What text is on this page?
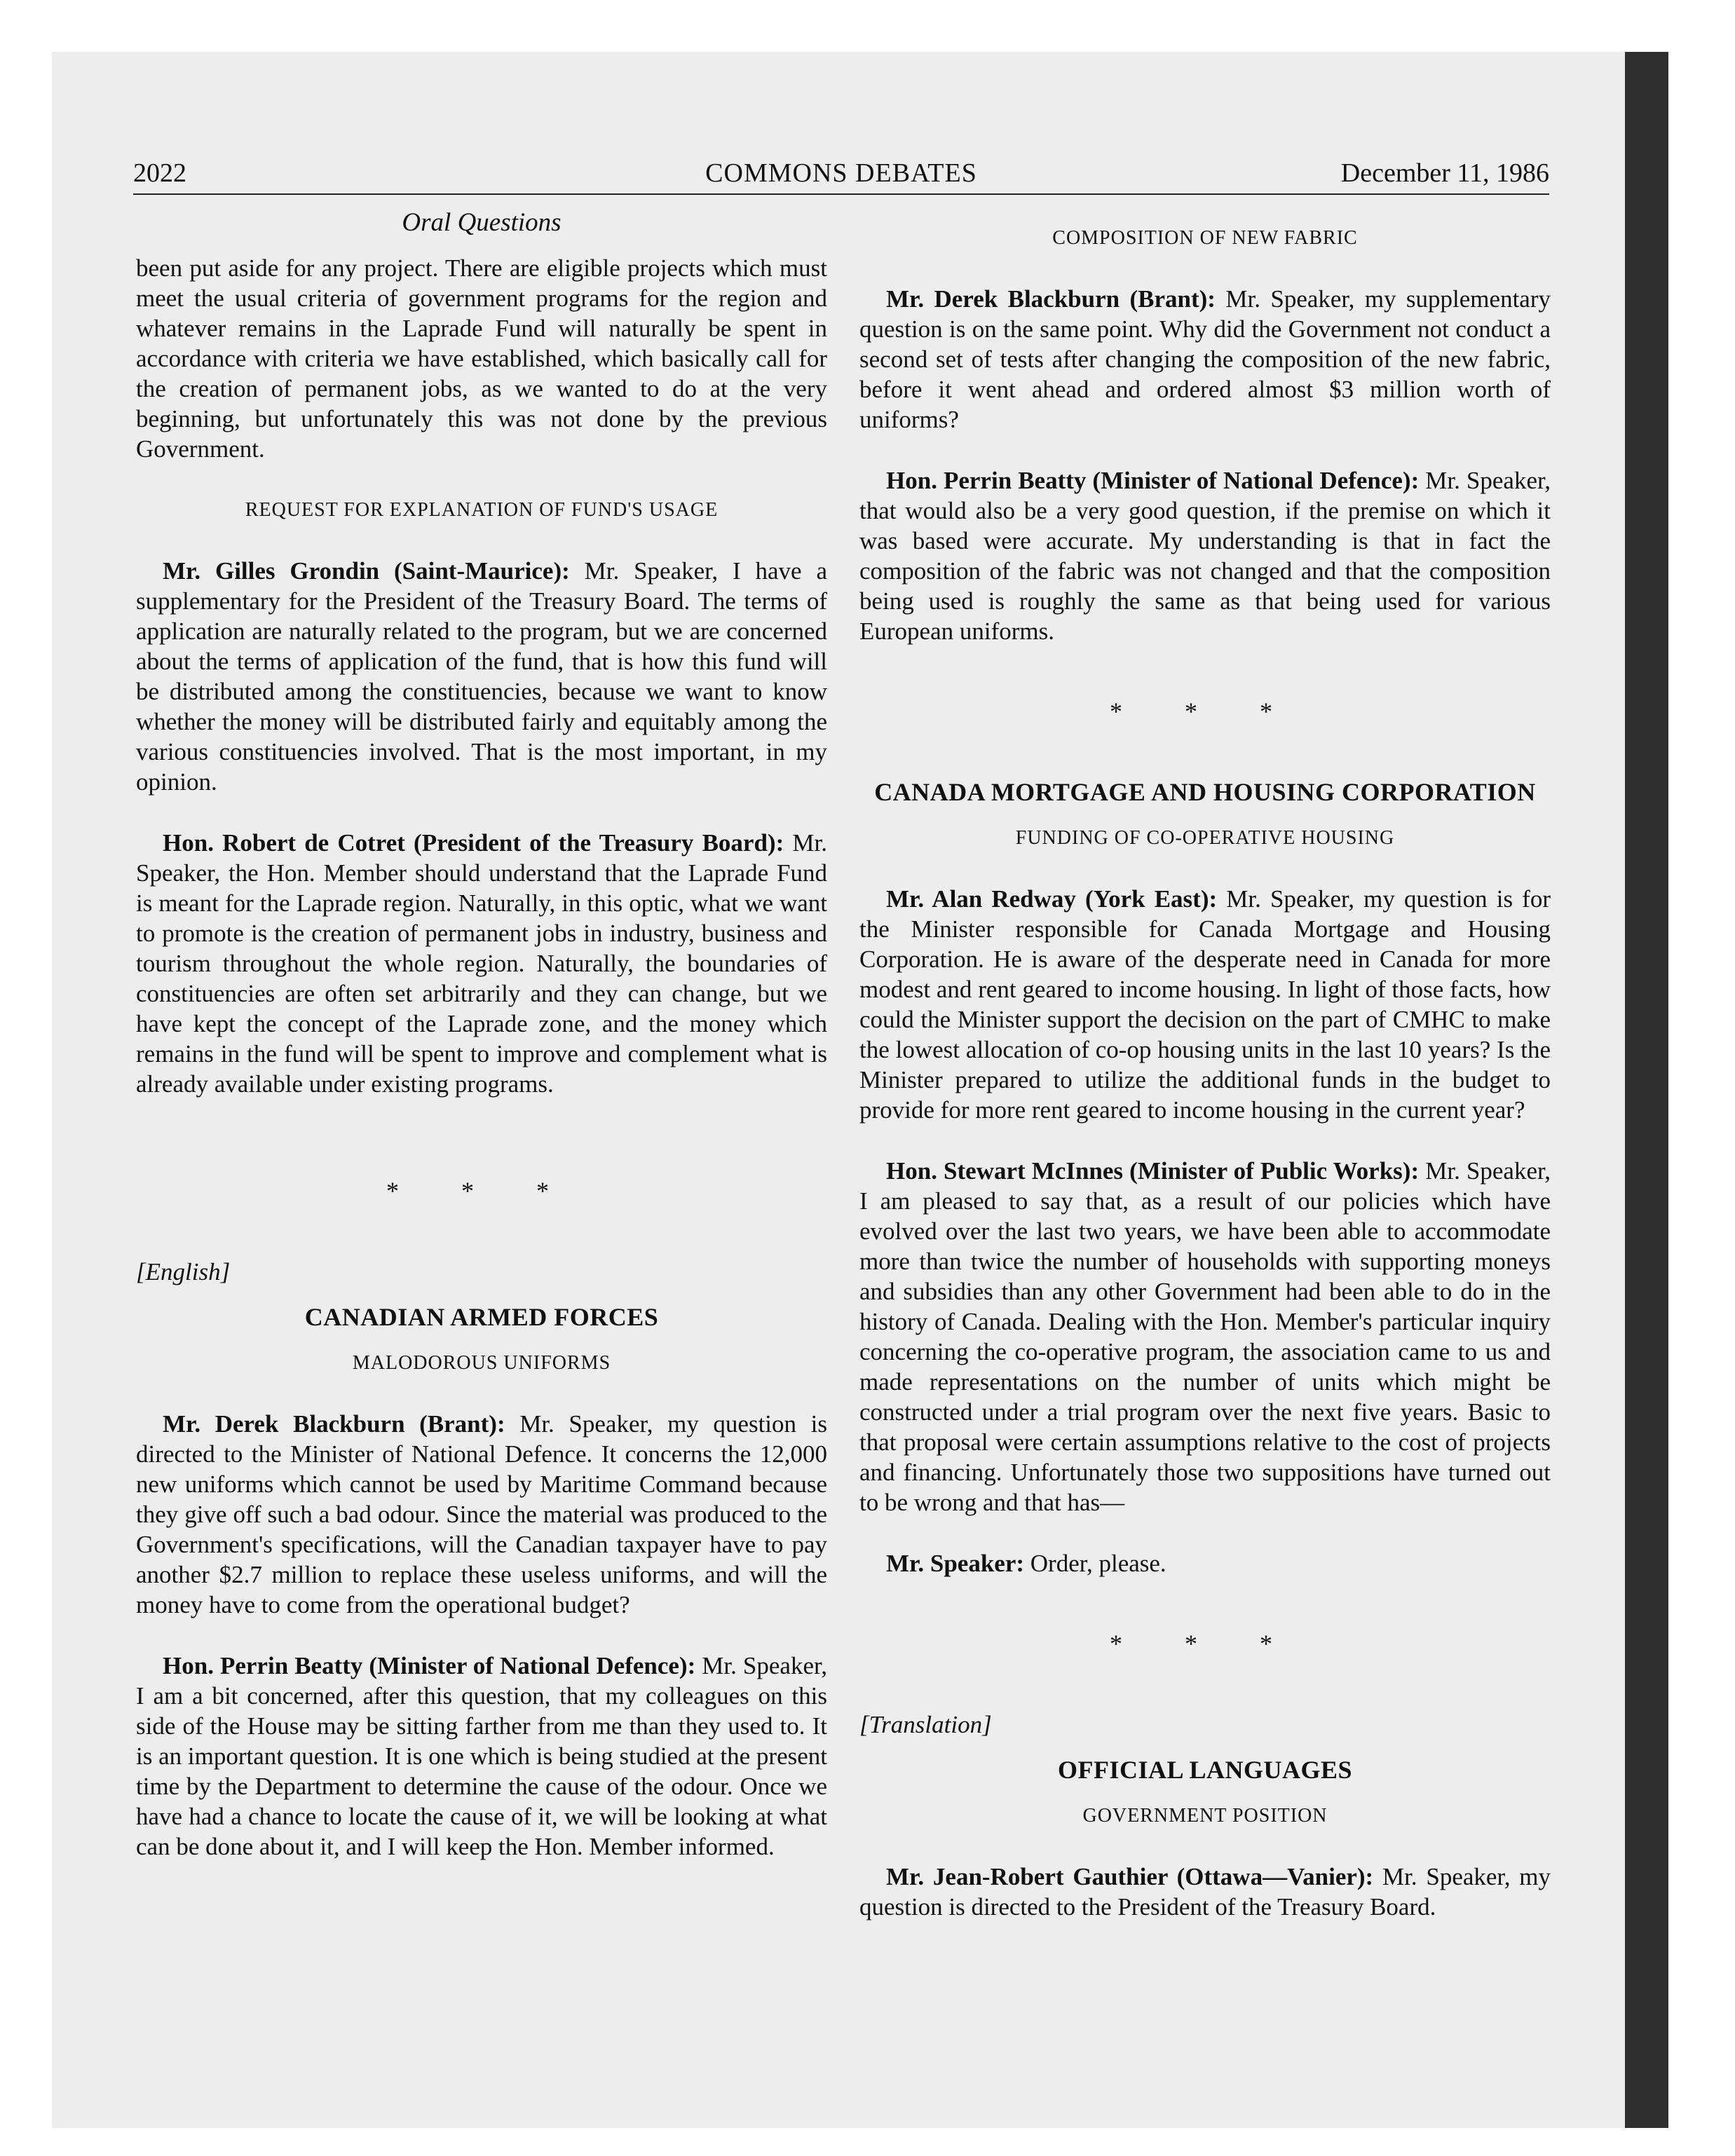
2022	COMMONS DEBATES	December 11, 1986
Oral Questions

been put aside for any project. There are eligible projects which must meet the usual criteria of government programs for the region and whatever remains in the Laprade Fund will naturally be spent in accordance with criteria we have established, which basically call for the creation of permanent jobs, as we wanted to do at the very beginning, but unfortunately this was not done by the previous Government.

REQUEST FOR EXPLANATION OF FUND'S USAGE

Mr. Gilles Grondin (Saint-Maurice): Mr. Speaker, I have a supplementary for the President of the Treasury Board. The terms of application are naturally related to the program, but we are concerned about the terms of application of the fund, that is how this fund will be distributed among the constituencies, because we want to know whether the money will be distributed fairly and equitably among the various constituencies involved. That is the most important, in my opinion.

Hon. Robert de Cotret (President of the Treasury Board): Mr. Speaker, the Hon. Member should understand that the Laprade Fund is meant for the Laprade region. Naturally, in this optic, what we want to promote is the creation of permanent jobs in industry, business and tourism throughout the whole region. Naturally, the boundaries of constituencies are often set arbitrarily and they can change, but we have kept the concept of the Laprade zone, and the money which remains in the fund will be spent to improve and complement what is already available under existing programs.

* * *
[English]
CANADIAN ARMED FORCES
MALODOROUS UNIFORMS

Mr. Derek Blackburn (Brant): Mr. Speaker, my question is directed to the Minister of National Defence. It concerns the 12,000 new uniforms which cannot be used by Maritime Command because they give off such a bad odour. Since the material was produced to the Government's specifications, will the Canadian taxpayer have to pay another $2.7 million to replace these useless uniforms, and will the money have to come from the operational budget?

Hon. Perrin Beatty (Minister of National Defence): Mr. Speaker, I am a bit concerned, after this question, that my colleagues on this side of the House may be sitting farther from me than they used to. It is an important question. It is one which is being studied at the present time by the Department to determine the cause of the odour. Once we have had a chance to locate the cause of it, we will be looking at what can be done about it, and I will keep the Hon. Member informed.

COMPOSITION OF NEW FABRIC

Mr. Derek Blackburn (Brant): Mr. Speaker, my supplementary question is on the same point. Why did the Government not conduct a second set of tests after changing the composition of the new fabric, before it went ahead and ordered almost $3 million worth of uniforms?

Hon. Perrin Beatty (Minister of National Defence): Mr. Speaker, that would also be a very good question, if the premise on which it was based were accurate. My understanding is that in fact the composition of the fabric was not changed and that the composition being used is roughly the same as that being used for various European uniforms.

* * *
CANADA MORTGAGE AND HOUSING CORPORATION
FUNDING OF CO-OPERATIVE HOUSING

Mr. Alan Redway (York East): Mr. Speaker, my question is for the Minister responsible for Canada Mortgage and Housing Corporation. He is aware of the desperate need in Canada for more modest and rent geared to income housing. In light of those facts, how could the Minister support the decision on the part of CMHC to make the lowest allocation of co-op housing units in the last 10 years? Is the Minister prepared to utilize the additional funds in the budget to provide for more rent geared to income housing in the current year?

Hon. Stewart McInnes (Minister of Public Works): Mr. Speaker, I am pleased to say that, as a result of our policies which have evolved over the last two years, we have been able to accommodate more than twice the number of households with supporting moneys and subsidies than any other Government had been able to do in the history of Canada. Dealing with the Hon. Member's particular inquiry concerning the co-operative program, the association came to us and made representations on the number of units which might be constructed under a trial program over the next five years. Basic to that proposal were certain assumptions relative to the cost of projects and financing. Unfortunately those two suppositions have turned out to be wrong and that has—

Mr. Speaker: Order, please.

* * *
[Translation]
OFFICIAL LANGUAGES
GOVERNMENT POSITION

Mr. Jean-Robert Gauthier (Ottawa—Vanier): Mr. Speaker, my question is directed to the President of the Treasury Board.
